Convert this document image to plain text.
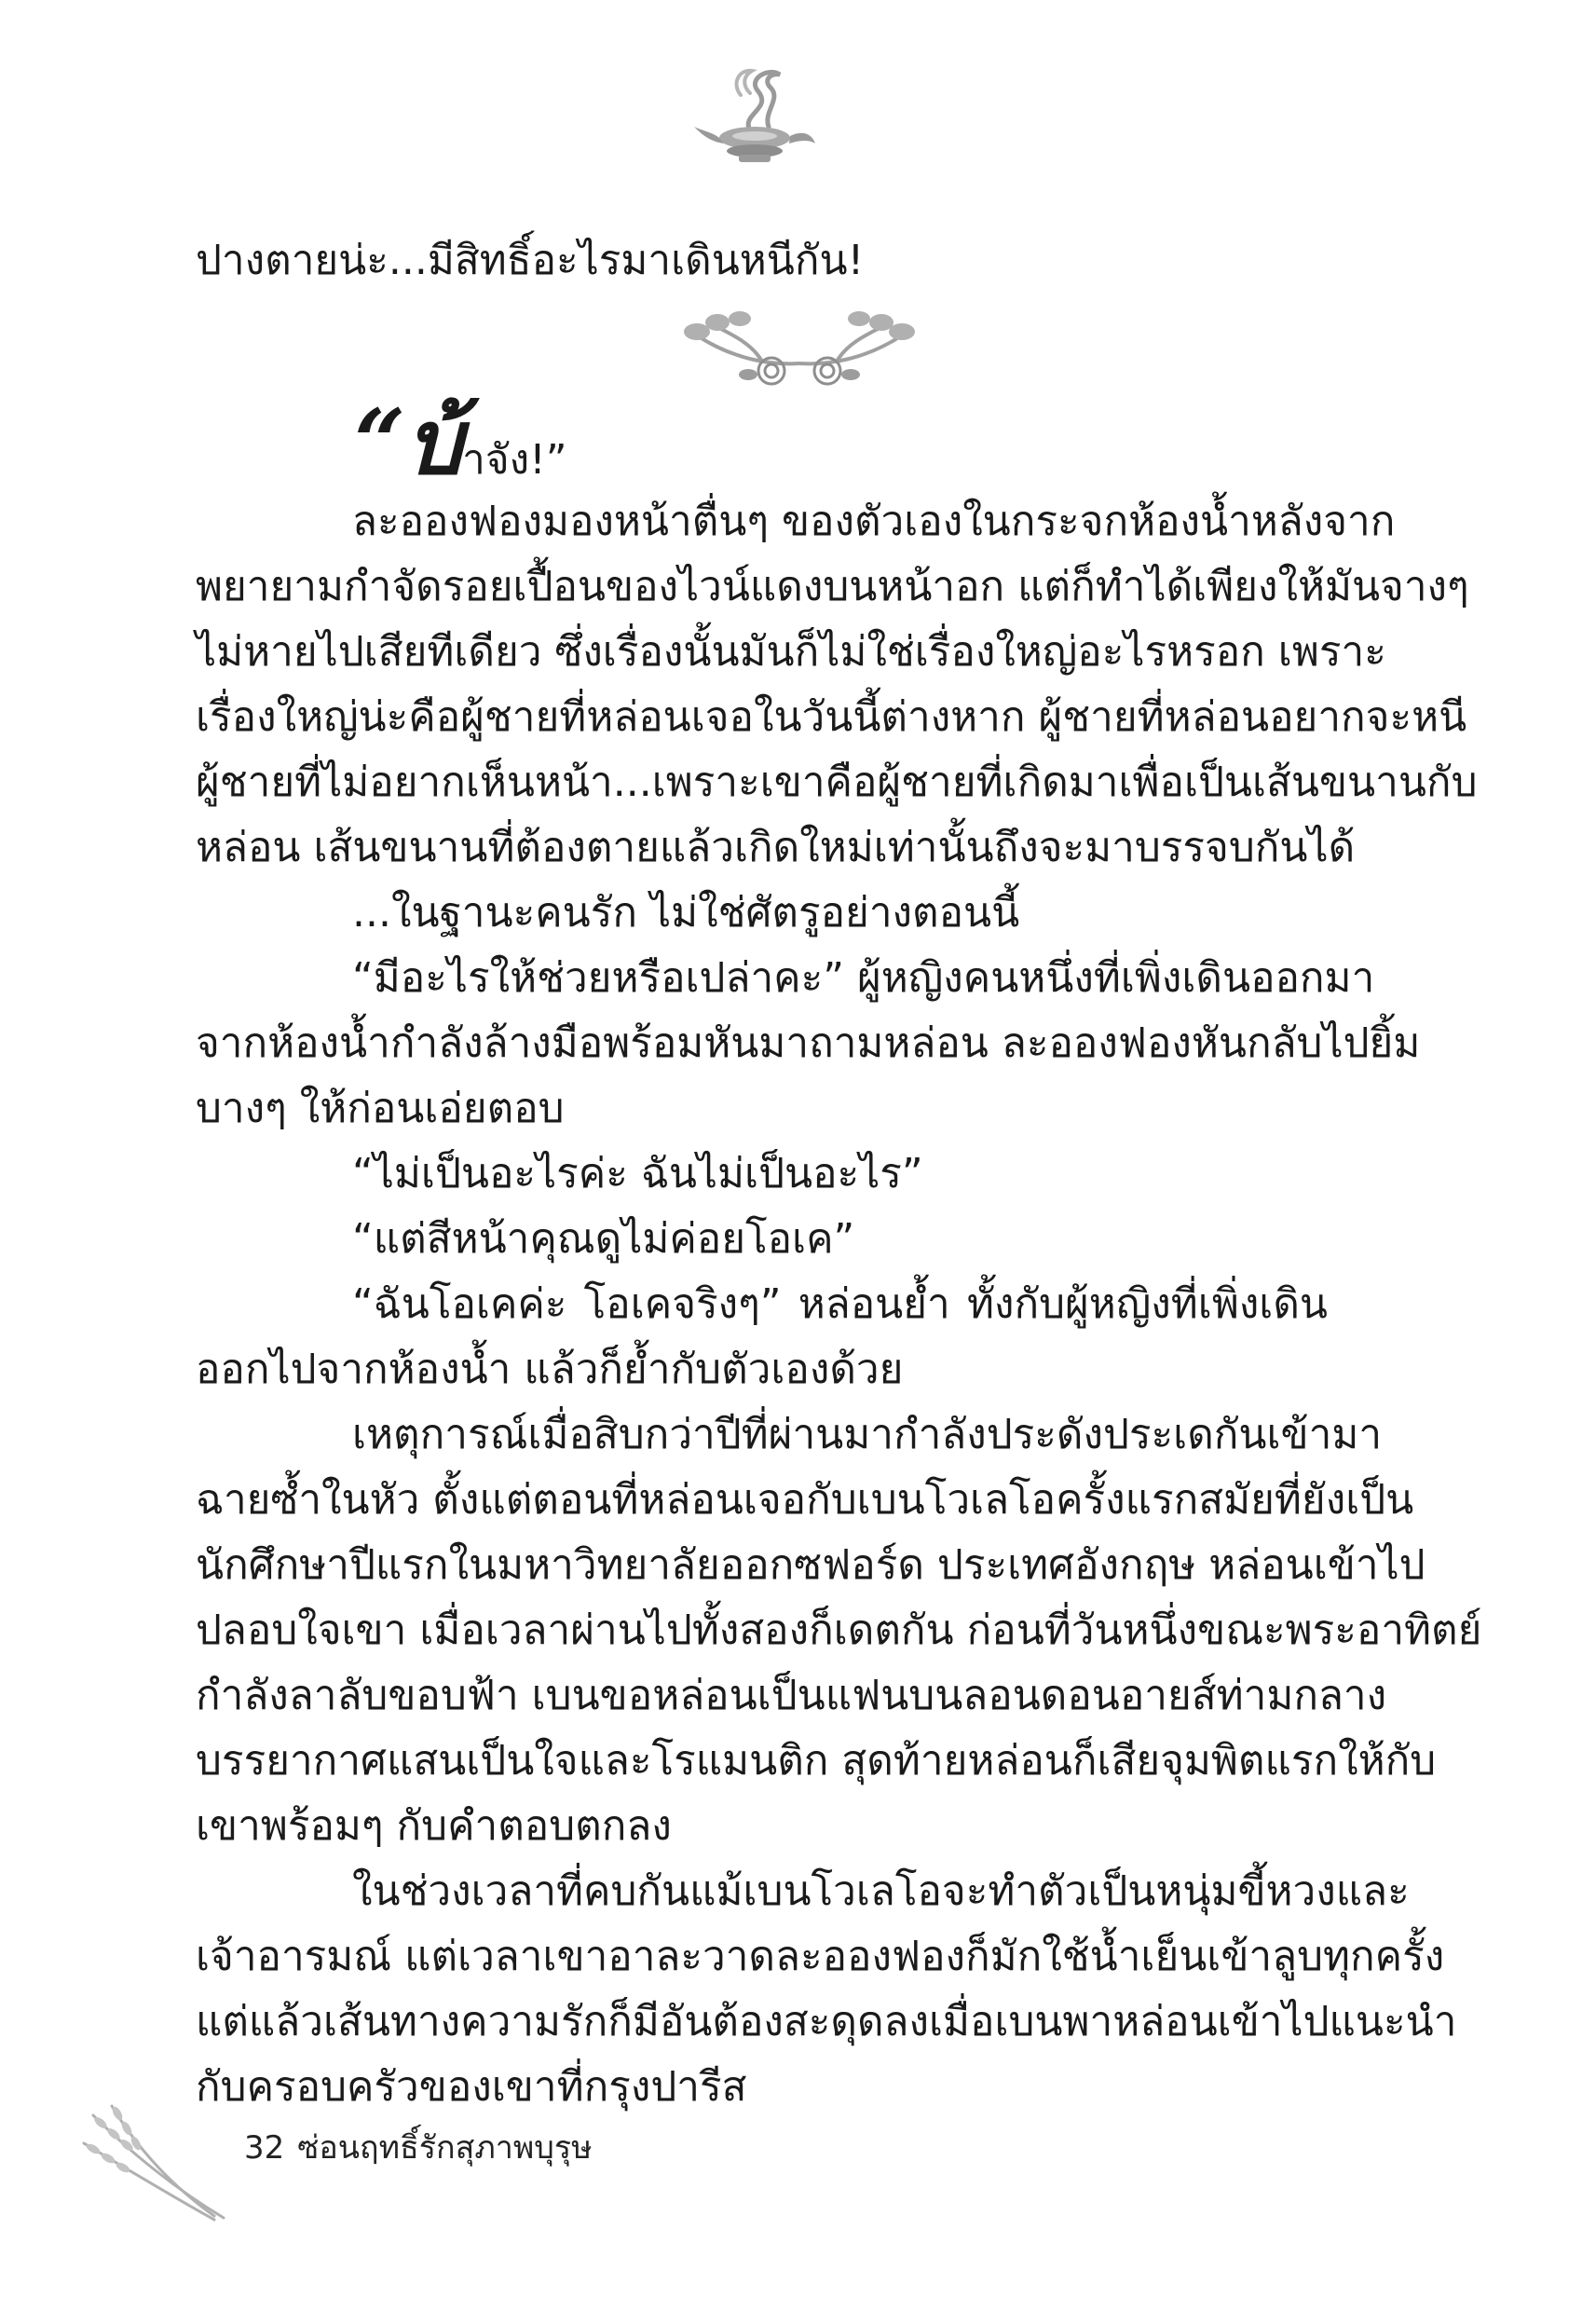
ปางตายน่ะ...มีสิทธิ์อะไรมาเดินหนีกัน!
“บ้าจัง!”
ละอองฟองมองหน้าตื่นๆ ของตัวเองในกระจกห้องน้ำหลังจาก
พยายามกำจัดรอยเปื้อนของไวน์แดงบนหน้าอก แต่ก็ทำได้เพียงให้มันจางๆ
ไม่หายไปเสียทีเดียว ซึ่งเรื่องนั้นมันก็ไม่ใช่เรื่องใหญ่อะไรหรอก เพราะ
เรื่องใหญ่น่ะคือผู้ชายที่หล่อนเจอในวันนี้ต่างหาก ผู้ชายที่หล่อนอยากจะหนี
ผู้ชายที่ไม่อยากเห็นหน้า...เพราะเขาคือผู้ชายที่เกิดมาเพื่อเป็นเส้นขนานกับ
หล่อน เส้นขนานที่ต้องตายแล้วเกิดใหม่เท่านั้นถึงจะมาบรรจบกันได้
...ในฐานะคนรัก ไม่ใช่ศัตรูอย่างตอนนี้
“มีอะไรให้ช่วยหรือเปล่าคะ” ผู้หญิงคนหนึ่งที่เพิ่งเดินออกมา
จากห้องน้ำกำลังล้างมือพร้อมหันมาถามหล่อน ละอองฟองหันกลับไปยิ้ม
บางๆ ให้ก่อนเอ่ยตอบ
“ไม่เป็นอะไรค่ะ ฉันไม่เป็นอะไร”
“แต่สีหน้าคุณดูไม่ค่อยโอเค”
“ฉันโอเคค่ะ โอเคจริงๆ” หล่อนย้ำ ทั้งกับผู้หญิงที่เพิ่งเดิน
ออกไปจากห้องน้ำ แล้วก็ย้ำกับตัวเองด้วย
เหตุการณ์เมื่อสิบกว่าปีที่ผ่านมากำลังประดังประเดกันเข้ามา
ฉายซ้ำในหัว ตั้งแต่ตอนที่หล่อนเจอกับเบนโวเลโอครั้งแรกสมัยที่ยังเป็น
นักศึกษาปีแรกในมหาวิทยาลัยออกซฟอร์ด ประเทศอังกฤษ หล่อนเข้าไป
ปลอบใจเขา เมื่อเวลาผ่านไปทั้งสองก็เดตกัน ก่อนที่วันหนึ่งขณะพระอาทิตย์
กำลังลาลับขอบฟ้า เบนขอหล่อนเป็นแฟนบนลอนดอนอายส์ท่ามกลาง
บรรยากาศแสนเป็นใจและโรแมนติก สุดท้ายหล่อนก็เสียจุมพิตแรกให้กับ
เขาพร้อมๆ กับคำตอบตกลง
ในช่วงเวลาที่คบกันแม้เบนโวเลโอจะทำตัวเป็นหนุ่มขี้หวงและ
เจ้าอารมณ์ แต่เวลาเขาอาละวาดละอองฟองก็มักใช้น้ำเย็นเข้าลูบทุกครั้ง
แต่แล้วเส้นทางความรักก็มีอันต้องสะดุดลงเมื่อเบนพาหล่อนเข้าไปแนะนำ
กับครอบครัวของเขาที่กรุงปารีส
32 ซ่อนฤทธิ์รักสุภาพบุรุษ
